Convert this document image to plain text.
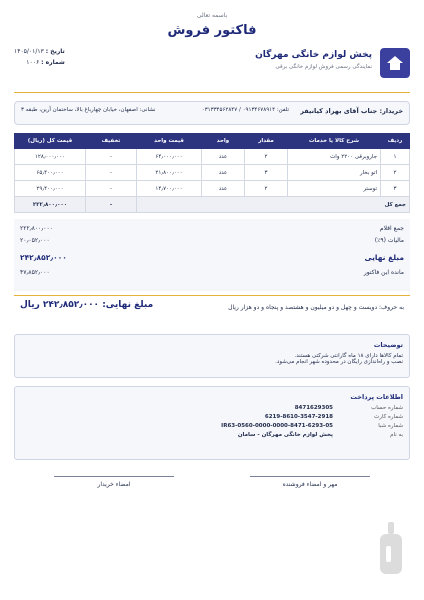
باسمه تعالی
فاکتور فروش
پخش لوازم خانگی مهرگان
نمایندگی رسمی فروش لوازم خانگی برقی
تاریخ : ۱۴۰۵/۰۱/۱۳
شماره : ۱۰۰۶
خریدار: جناب آقای بهراد کیانیفر
تلفن: ۰۹۱۳۴۶۷۸۹۱۴ / ۰۳۱۳۳۴۵۶۲۸۴۷
نشانی: اصفهان، خیابان چهارباغ بالا، ساختمان آرین، طبقه ۳
ردیف	شرح کالا یا خدمات	مقدار	واحد	قیمت واحد	تخفیف	قیمت کل (ریال)
۱	جاروبرقی ۲۲۰۰ وات	۲	عدد	۶۴٫۰۰۰٫۰۰۰	-	۱۲۸٫۰۰۰٫۰۰۰
۲	اتو بخار	۳	عدد	۲۱٫۸۰۰٫۰۰۰	-	۶۵٫۴۰۰٫۰۰۰
۳	توستر	۲	عدد	۱۴٫۷۰۰٫۰۰۰	-	۲۹٫۴۰۰٫۰۰۰
جمع کل					-	۲۲۲٫۸۰۰٫۰۰۰
جمع اقلام
۲۲۲٫۸۰۰٫۰۰۰
مالیات (۹٪)
۲۰٫۰۵۲٫۰۰۰
مبلغ نهایی
۲۴۲٫۸۵۲٫۰۰۰
مانده این فاکتور
۴۷٫۸۵۲٫۰۰۰
به حروف: دویست و چهل و دو میلیون و هشتصد و پنجاه و دو هزار ریال
مبلغ نهایی: ۲۴۲٫۸۵۲٫۰۰۰ ریال
توضیحات
تمام کالاها دارای ۱۸ ماه گارانتی شرکتی هستند.
نصب و راه‌اندازی رایگان در محدوده شهر انجام می‌شود.
اطلاعات پرداخت
شماره حساب
8471629305
شماره کارت
6219-8610-3547-2918
شماره شبا
IR63-0560-0000-0000-8471-6293-05
به نام
پخش لوازم خانگی مهرگان - سامان
مهر و امضاء فروشنده
امضاء خریدار
